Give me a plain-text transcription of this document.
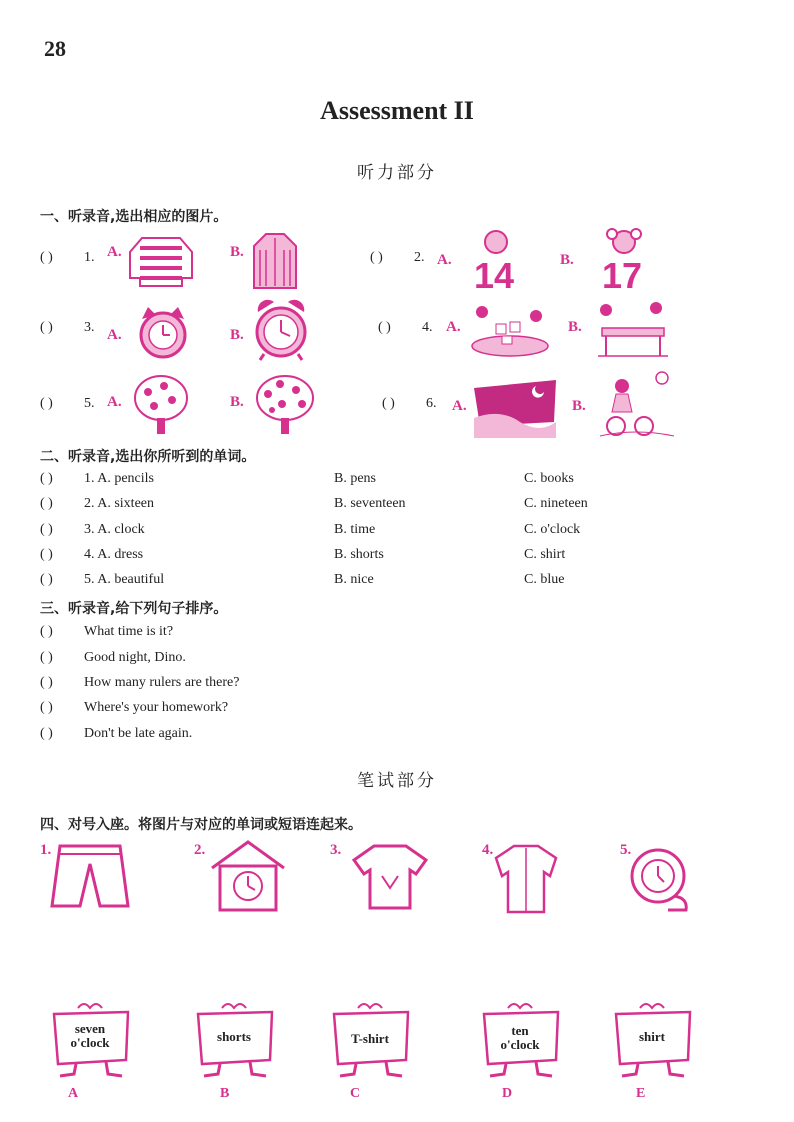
28
Assessment II
听力部分
一、听录音,选出相应的图片。
( ) 1. A.	B.	( ) 2. A. 14	B. 17
( ) 3. A.	B.	( ) 4. A.	B.
( ) 5. A.	B.	( ) 6. A.	B.
二、听录音,选出你所听到的单词。
( ) 1. A. pencils	B. pens	C. books
( ) 2. A. sixteen	B. seventeen	C. nineteen
( ) 3. A. clock	B. time	C. o'clock
( ) 4. A. dress	B. shorts	C. shirt
( ) 5. A. beautiful	B. nice	C. blue
三、听录音,给下列句子排序。
( ) What time is it?
( ) Good night, Dino.
( ) How many rulers are there?
( ) Where's your homework?
( ) Don't be late again.
笔试部分
四、对号入座。将图片与对应的单词或短语连起来。
1.	2.	3.	4.	5.
seven
o'clock
A
shorts
B
T-shirt
C
ten
o'clock
D
shirt
E
